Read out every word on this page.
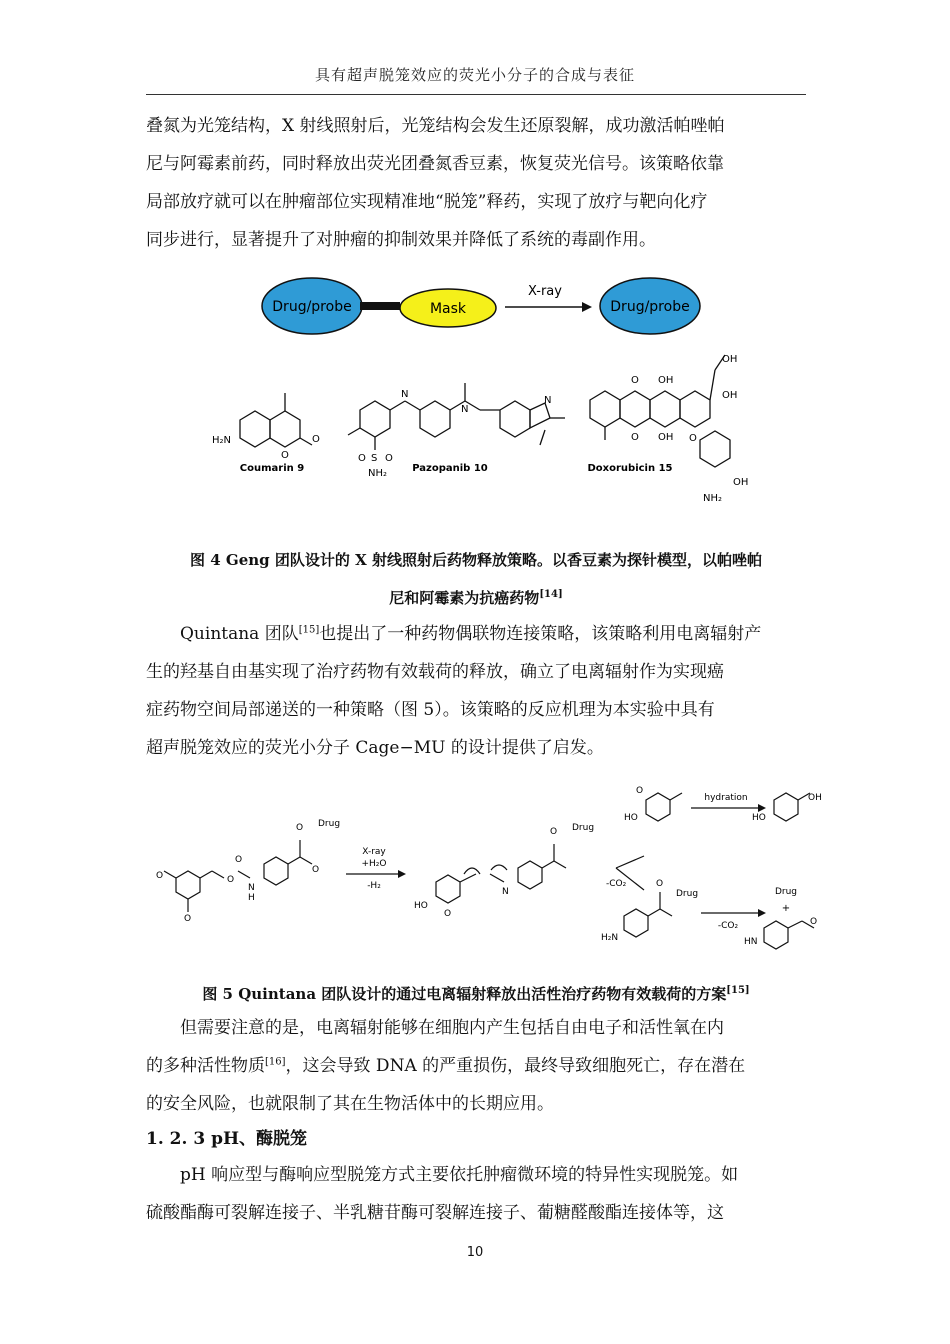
具有超声脱笼效应的荧光小分子的合成与表征
叠氮为光笼结构，X 射线照射后，光笼结构会发生还原裂解，成功激活帕唑帕
尼与阿霉素前药，同时释放出荧光团叠氮香豆素，恢复荧光信号。该策略依靠
局部放疗就可以在肿瘤部位实现精准地“脱笼”释药，实现了放疗与靶向化疗
同步进行，显著提升了对肿瘤的抑制效果并降低了系统的毒副作用。
Drug/probe	Mask
X-ray
Drug/probe
H₂N	O
O
Coumarin 9
N
N
S
O O
NH₂
N
Pazopanib 10
O
O
OH
OH
OH
OH
OH
O
NH₂
Doxorubicin 15
图 4 Geng 团队设计的 X 射线照射后药物释放策略。以香豆素为探针模型，以帕唑帕
尼和阿霉素为抗癌药物[14]
Quintana 团队[15]也提出了一种药物偶联物连接策略，该策略利用电离辐射产
生的羟基自由基实现了治疗药物有效载荷的释放，确立了电离辐射作为实现癌
症药物空间局部递送的一种策略（图 5）。该策略的反应机理为本实验中具有
超声脱笼效应的荧光小分子 Cage−MU 的设计提供了启发。
O
O
O
O
N
H
O Drug
O
X-ray
+H₂O
-H₂
HO
O
N
O Drug
-CO₂
HO
O
hydration
HO
OH
H₂N
O
Drug
-CO₂
Drug
+
HN
O
图 5 Quintana 团队设计的通过电离辐射释放出活性治疗药物有效载荷的方案[15]
但需要注意的是，电离辐射能够在细胞内产生包括自由电子和活性氧在内
的多种活性物质[16]，这会导致 DNA 的严重损伤，最终导致细胞死亡，存在潜在
的安全风险，也就限制了其在生物活体中的长期应用。
1. 2. 3 pH、酶脱笼
pH 响应型与酶响应型脱笼方式主要依托肿瘤微环境的特异性实现脱笼。如
硫酸酯酶可裂解连接子、半乳糖苷酶可裂解连接子、葡糖醛酸酯连接体等，这
10
